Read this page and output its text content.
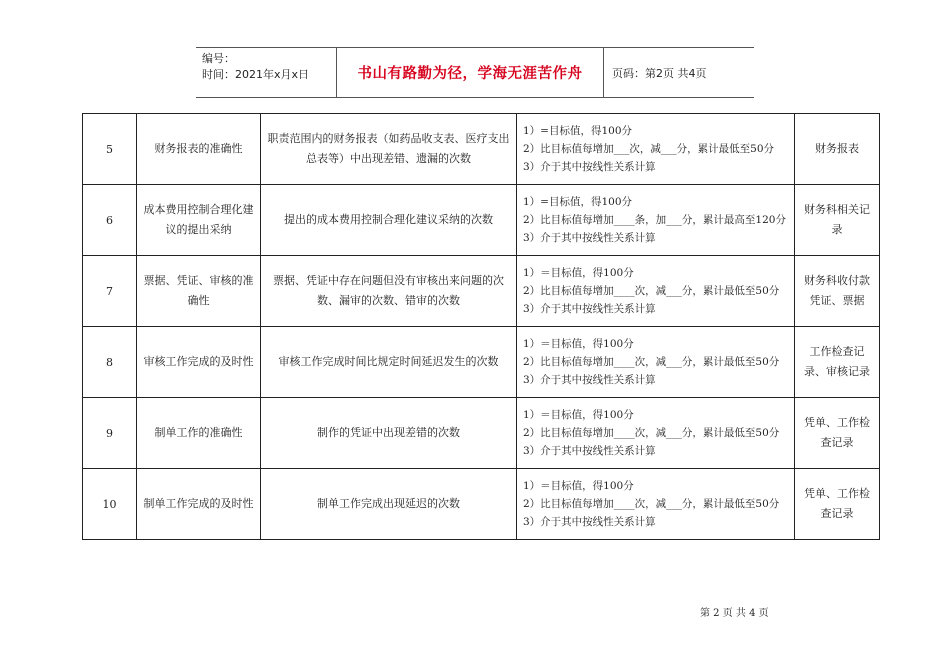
编号：
时间：2021年x月x日	书山有路勤为径，学海无涯苦作舟	页码：第2页 共4页
5	财务报表的准确性	职责范围内的财务报表（如药品收支表、医疗支出总表等）中出现差错、遗漏的次数	1）=目标值，得100分
2）比目标值每增加___次，减___分，累计最低至50分
3）介于其中按线性关系计算	财务报表
6	成本费用控制合理化建议的提出采纳	提出的成本费用控制合理化建议采纳的次数	1）=目标值，得100分
2）比目标值每增加____条，加___分，累计最高至120分
3）介于其中按线性关系计算	财务科相关记录
7	票据、凭证、审核的准确性	票据、凭证中存在问题但没有审核出来问题的次数、漏审的次数、错审的次数	1）＝目标值，得100分
2）比目标值每增加____次，减___分，累计最低至50分
3）介于其中按线性关系计算	财务科收付款凭证、票据
8	审核工作完成的及时性	审核工作完成时间比规定时间延迟发生的次数	1）＝目标值，得100分
2）比目标值每增加____次，减___分，累计最低至50分
3）介于其中按线性关系计算	工作检查记录、审核记录
9	制单工作的准确性	制作的凭证中出现差错的次数	1）＝目标值，得100分
2）比目标值每增加____次，减___分，累计最低至50分
3）介于其中按线性关系计算	凭单、工作检查记录
10	制单工作完成的及时性	制单工作完成出现延迟的次数	1）＝目标值，得100分
2）比目标值每增加____次，减___分，累计最低至50分
3）介于其中按线性关系计算	凭单、工作检查记录
第 2 页 共 4 页
